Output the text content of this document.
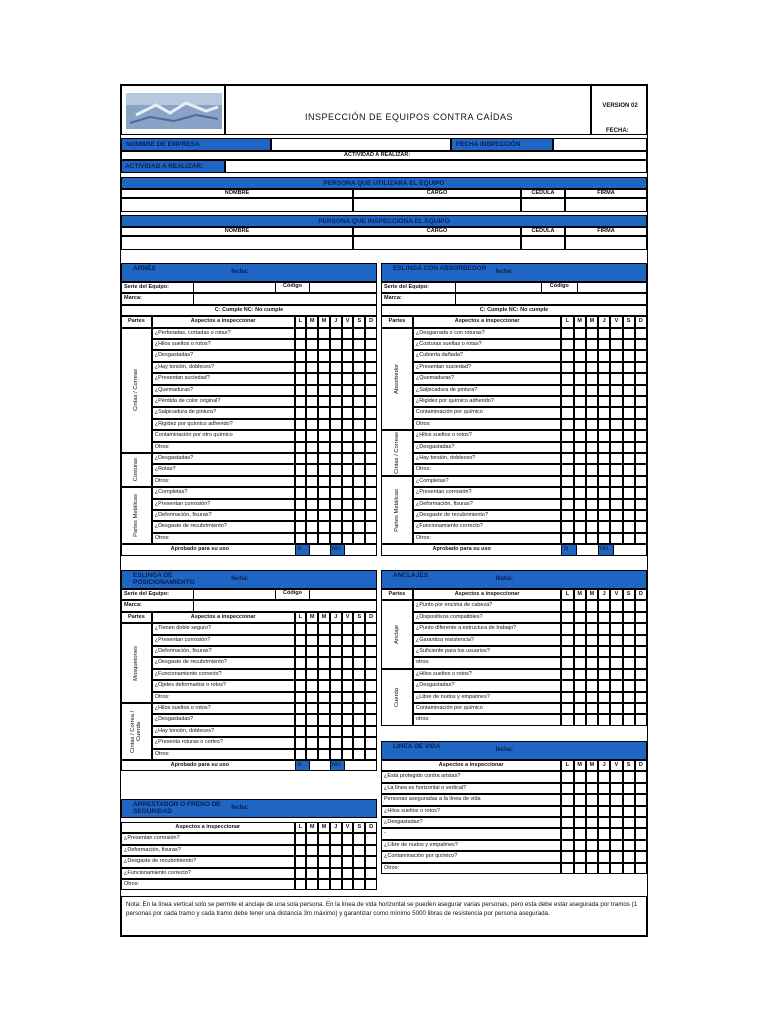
INSPECCIÓN DE EQUIPOS CONTRA CAÍDAS
VERSION 02
FECHA:
NOMBRE DE EMPRESA	FECHA INSPECCIÓN
ACTIVIDAD A REALIZAR:
ACTIVIDAD A REALIZAR:
PERSONA QUE UTILIZARÁ EL EQUIPO
NOMBRE	CARGO	CÉDULA	FIRMA
PERSONA QUE INSPECCIONA EL EQUIPO
NOMBRE	CARGO	CÉDULA	FIRMA
ARNÉS	fecha:
Serie del Equipo:	Código
Marca:
C: Cumple NC: No cumple
Partes	Aspectos a inspeccionar	L	M	M	J	V	S	D
Cintas / Correas
¿Perforadas, cortadas o rotas?
¿Hilos sueltos o rotos?
¿Desgastadas?
¿Hay torsión, dobleces?
¿Presentan suciedad?
¿Quemaduras?
¿Pérdida de color original?
¿Salpicadura de pintura?
¿Rigidez por químico adherido?
Contaminación por otro químico
Otros:
Costuras
¿Desgastadas?
¿Rotas?
Otros:
Partes Metálicas
¿Completas?
¿Presentan corrosión?
¿Deformación, fisuras?
¿Desgaste de recubrimiento?
Otros:
Aprobado para su uso	SI	NO
ESLINGA CON ABSORBEDOR	fecha:
Serie del Equipo:	Código
Marca:
C: Cumple NC: No cumple
Partes	Aspectos a inspeccionar	L	M	M	J	V	S	D
Absorbedor
¿Desgarrada o con roturas?
¿Costuras sueltas o rotas?
¿Cubierta dañada?
¿Presentan suciedad?
¿Quemaduras?
¿Salpicadura de pintura?
¿Rigidez por químico adherido?
Contaminación por químico
Otros:
Cintas / Correas	¿Hilos sueltos o rotos?
¿Desgastadas?
¿Hay torsión, dobleces?
Otros:
Partes Metálicas
¿Completas?
¿Presentan corrosión?
¿Deformación, fisuras?
¿Desgaste de recubrimiento?
¿Funcionamiento correcto?
Otros:
Aprobado para su uso	SI	NO
ESLINGA DE POSICIONAMIENTO	fecha:
Serie del Equipo:	Código
Marca:
Partes	Aspectos a inspeccionar	L	M	M	J	V	S	D
Mosquetones
¿Tienen doble seguro?
¿Presentan corrosión?
¿Deformación, fisuras?
¿Desgaste de recubrimiento?
¿Funcionamiento correcto?
¿Ojetes deformados o rotos?
Otros:
Cintas / Correa / Cuerda
¿Hilos sueltos o rotos?
¿Desgastadas?
¿Hay torsión, dobleces?
¿Presenta roturas o cortes?
Otros:
Aprobado para su uso	SI	NO
ANCLAJES	fecha:
Partes	Aspectos a inspeccionar	L	M	M	J	V	S	D
Anclaje
¿Punto por encima de cabeza?
¿Dispositivos compatibles?
¿Punto diferente a estructura de trabajo?
¿Garantiza resistencia?
¿Suficiente para los usuarios?
otros:
Cuerda
¿Hilos sueltos o rotos?
¿Desgastadas?
¿Libre de nudos y empalmes?
Contaminación por químico
otros:
LINEA DE VIDA	fecha:
Aspectos a inspeccionar	L	M	M	J	V	S	D
¿Está protegido contra aristas?
¿La línea es horizontal o vertical?
Personas aseguradas a la línea de vida
¿Hilos sueltos o rotos?
¿Desgastadas?
-
¿Libre de nudos y empalmes?
¿Contaminación por químico?
Otros:
ARRESTADOR O FRENO DE SEGURIDAD	fecha:
Aspectos a inspeccionar	L	M	M	J	V	S	D
¿Presentan corrosión?
¿Deformación, fisuras?
¿Desgaste de recubrimiento?
¿Funcionamiento correcto?
Otros:
Nota: En la línea vertical solo se permite el anclaje de una sola persona. En la línea de vida horizontal se pueden asegurar varias personas, pero esta debe estar asegurada por tramos (1 personas por cada tramo y cada tramo debe tener una distancia 3m máximo) y garantizar como mínimo 5000 libras de resistencia por persona asegurada.
